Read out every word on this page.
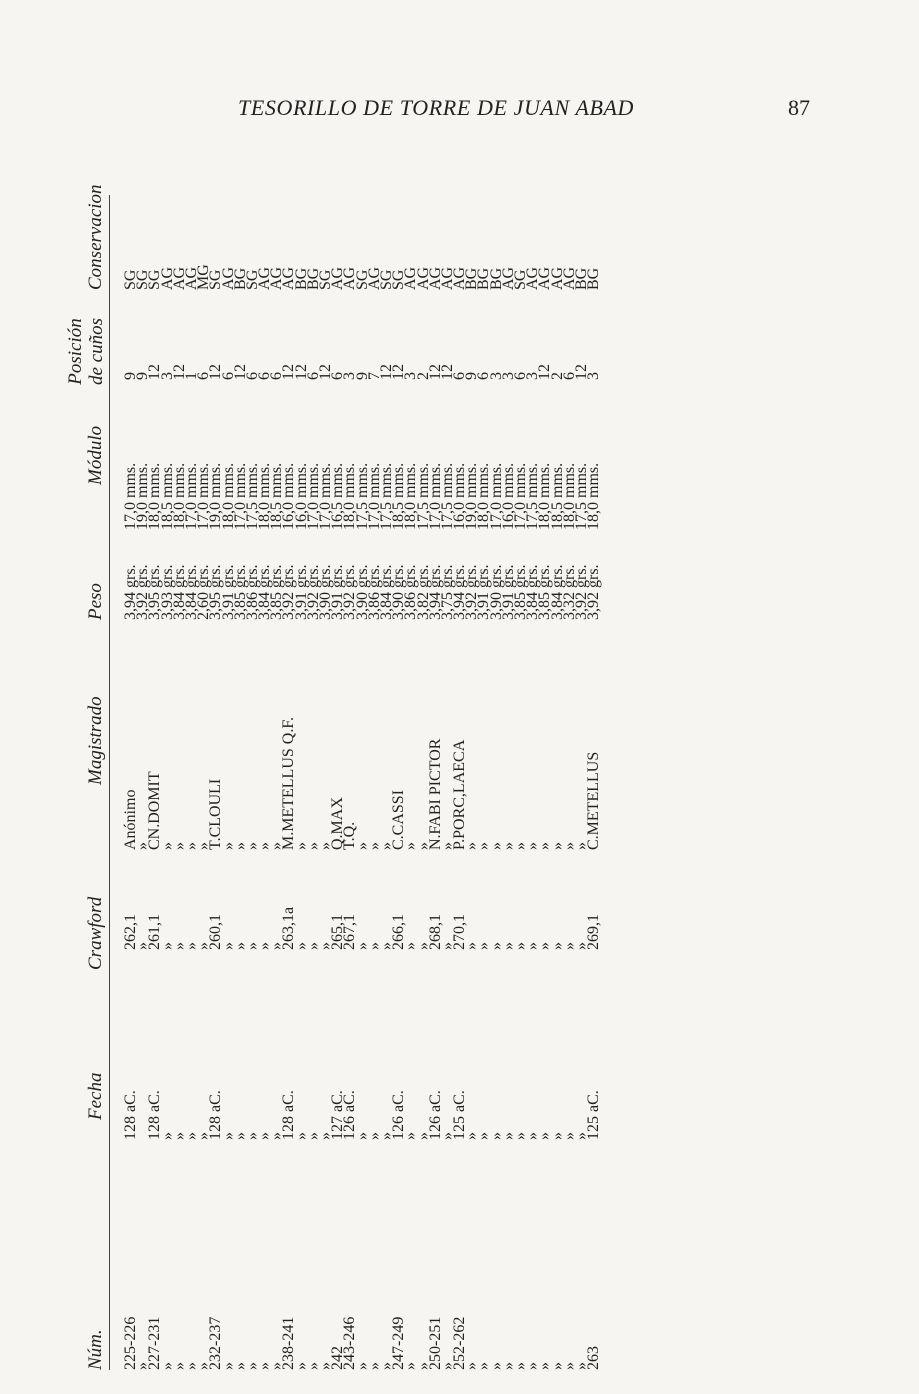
TESORILLO DE TORRE DE JUAN ABAD	87
Núm.
Fecha
Crawford
Magistrado
Peso
Módulo
Posición de cuños
Conservacion
225-226
128 aC.
262,1
Anónimo
3,94 grs.
17,0 mms.
9
SG
»
»
»
3,92 grs.
19,0 mms.
9
SG
227-231
128 aC.
261,1
CN.DOMIT
3,95 grs.
18,0 mms.
12
SG
»
»
»
»
3,93 grs.
18,5 mms.
3
AG
»
»
»
»
3,84 grs.
18,0 mms.
12
AG
»
»
»
»
3,84 grs.
17,0 mms.
1
AG
»
»
»
»
2,60 grs.
17,0 mms.
6
MG
232-237
128 aC.
260,1
T.CLOULI
3,95 grs.
19,0 mms.
12
SG
»
»
»
»
3,91 grs.
18,0 mms.
6
AG
»
»
»
»
3,85 grs.
17,0 mms.
12
BG
»
»
»
»
3,86 grs.
17,5 mms.
6
SG
»
»
»
»
3,84 grs.
18,0 mms.
6
AG
»
»
»
»
3,85 grs.
18,5 mms.
6
AG
238-241
128 aC.
263,1a
M.METELLUS Q.F.
3,92 grs.
16,0 mms.
12
AG
»
»
»
»
3,91 grs.
16,0 mms.
12
BG
»
»
»
»
3,92 grs.
17,0 mms.
6
BG
»
»
»
»
3,90 grs.
17,0 mms.
12
SG
242
127 aC.
265,1
Q.MAX
3,91 grs.
16,5 mms.
6
AG
243-246
126 aC.
267,1
T.Q.
3,92 grs.
18,0 mms.
3
AG
»
»
»
»
3,90 grs.
17,5 mms.
9
SG
»
»
»
»
3,86 grs.
17,0 mms.
7
AG
»
»
»
»
3,84 grs.
17,5 mms.
12
SG
247-249
126 aC.
266,1
C.CASSI
3,90 grs.
18,5 mms.
12
SG
»
»
»
»
3,86 grs.
18,0 mms.
3
AG
»
»
»
»
3,82 grs.
17,5 mms.
2
AG
250-251
126 aC.
268,1
N.FABI PICTOR
3,94 grs.
17,0 mms.
12
AG
»
»
»
»
3,75 grs.
17,5 mms.
12
AG
252-262
125 aC.
270,1
P.PORC,LAECA
3,94 grs.
16,0 mms.
6
AG
»
»
»
»
3,92 grs.
19,0 mms.
9
BG
»
»
»
»
3,91 grs.
18,0 mms.
6
BG
»
»
»
»
3,90 grs.
17,0 mms.
3
BG
»
»
»
»
3,91 grs.
16,0 mms.
3
AG
»
»
»
»
3,85 grs.
17,0 mms.
6
SG
»
»
»
»
3,84 grs.
17,5 mms.
3
AG
»
»
»
»
3,85 grs.
18,0 mms.
12
AG
»
»
»
»
3,84 grs.
18,5 mms.
2
AG
»
»
»
»
3,32 grs.
18,0 mms.
6
AG
»
»
»
»
3,92 grs.
17,5 mms.
12
BG
263
125 aC.
269,1
C.METELLUS
3,92 grs.
18,0 mms.
3
BG
